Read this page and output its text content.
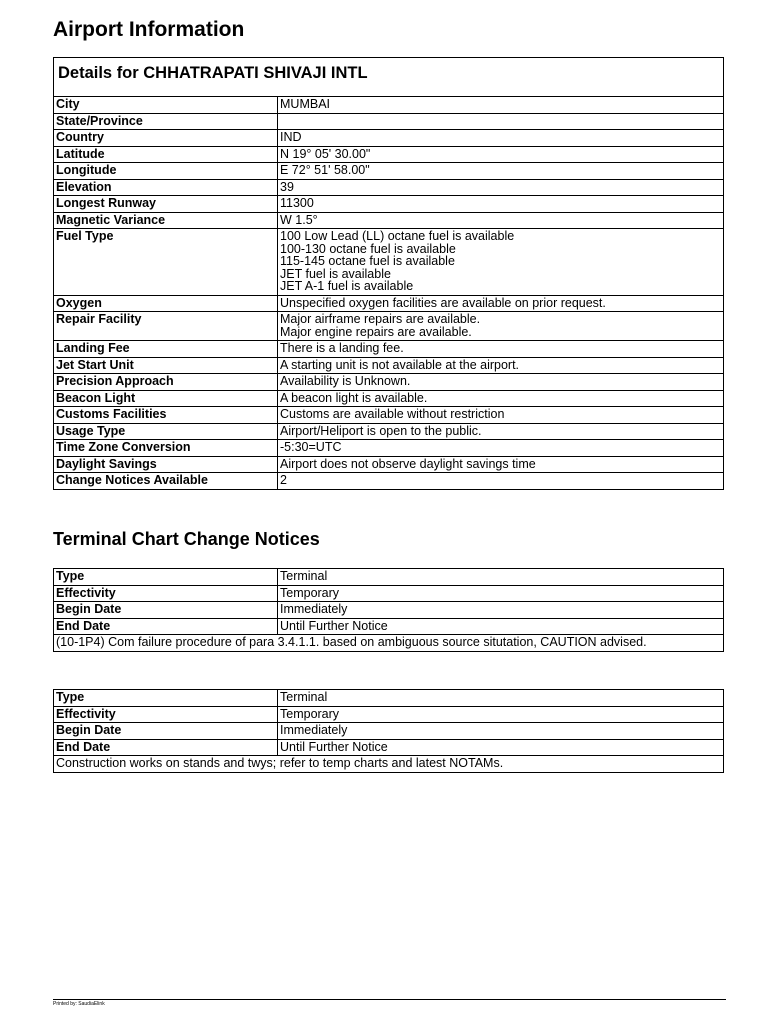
Airport Information
Details for CHHATRAPATI SHIVAJI INTL	
City	MUMBAI

State/Province	

Country	IND

Latitude	N 19° 05' 30.00"

Longitude	E 72° 51' 58.00"

Elevation	39

Longest Runway	11300

Magnetic Variance	W 1.5°

Fuel Type	100 Low Lead (LL) octane fuel is available
100-130 octane fuel is available
115-145 octane fuel is available
JET fuel is available
JET A-1 fuel is available

Oxygen	Unspecified oxygen facilities are available on prior request.

Repair Facility	Major airframe repairs are available.
Major engine repairs are available.

Landing Fee	There is a landing fee.

Jet Start Unit	A starting unit is not available at the airport.

Precision Approach	Availability is Unknown.

Beacon Light	A beacon light is available.

Customs Facilities	Customs are available without restriction

Usage Type	Airport/Heliport is open to the public.

Time Zone Conversion	-5:30=UTC

Daylight Savings	Airport does not observe daylight savings time

Change Notices Available	2
Terminal Chart Change Notices
Type	Terminal
Effectivity	Temporary
Begin Date	Immediately
End Date	Until Further Notice
(10-1P4) Com failure procedure of para 3.4.1.1. based on ambiguous source situtation, CAUTION advised.	
Type	Terminal
Effectivity	Temporary
Begin Date	Immediately
End Date	Until Further Notice
Construction works on stands and twys; refer to temp charts and latest NOTAMs.	
Printed by: SaudiaElink
